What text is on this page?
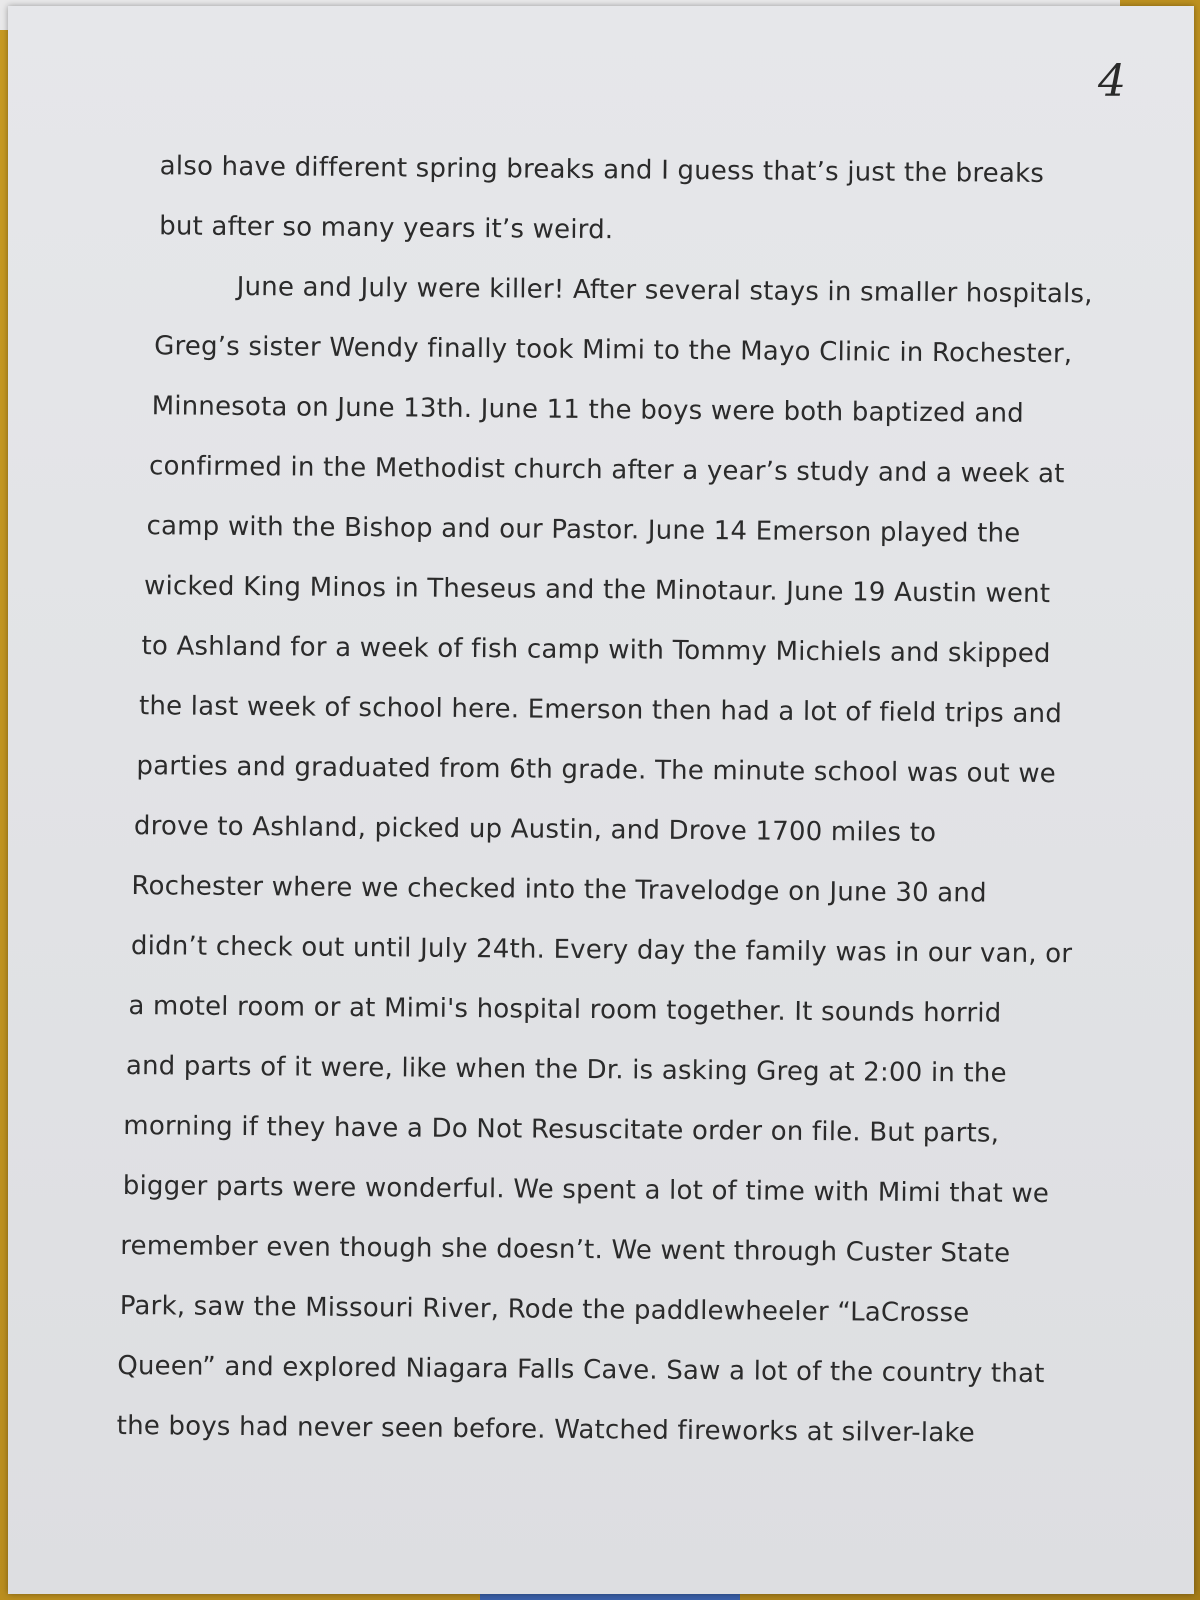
4
also have different spring breaks and I guess that’s just the breaks
but after so many years it’s weird.
June and July were killer! After several stays in smaller hospitals,
Greg’s sister Wendy finally took Mimi to the Mayo Clinic in Rochester,
Minnesota on June 13th. June 11 the boys were both baptized and
confirmed in the Methodist church after a year’s study and a week at
camp with the Bishop and our Pastor. June 14 Emerson played the
wicked King Minos in Theseus and the Minotaur. June 19 Austin went
to Ashland for a week of fish camp with Tommy Michiels and skipped
the last week of school here. Emerson then had a lot of field trips and
parties and graduated from 6th grade. The minute school was out we
drove to Ashland, picked up Austin, and Drove 1700 miles to
Rochester where we checked into the Travelodge on June 30 and
didn’t check out until July 24th. Every day the family was in our van, or
a motel room or at Mimi's hospital room together. It sounds horrid
and parts of it were, like when the Dr. is asking Greg at 2:00 in the
morning if they have a Do Not Resuscitate order on file. But parts,
bigger parts were wonderful. We spent a lot of time with Mimi that we
remember even though she doesn’t. We went through Custer State
Park, saw the Missouri River, Rode the paddlewheeler “LaCrosse
Queen” and explored Niagara Falls Cave. Saw a lot of the country that
the boys had never seen before. Watched fireworks at silver-lake
